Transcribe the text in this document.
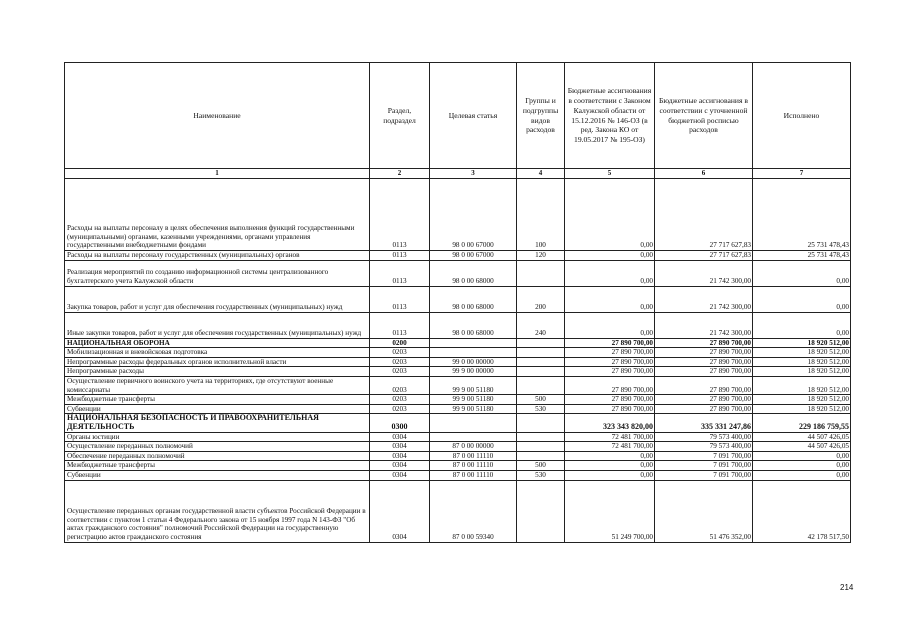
Наименование	Раздел, подраздел	Целевая статья	Группы и подгруппы видов расходов	Бюджетные ассигнования в соответствии с Законом Калужской области от 15.12.2016 № 146-ОЗ (в ред. Закона КО от 19.05.2017 № 195-ОЗ)	Бюджетные ассигнования в соответствии с уточненной бюджетной росписью расходов	Исполнено
1	2	3	4	5	6	7
Расходы на выплаты персоналу в целях обеспечения выполнения функций государственными (муниципальными) органами, казенными учреждениями, органами управления государственными внебюджетными фондами	0113	98 0 00 67000	100	0,00	27 717 627,83	25 731 478,43
Расходы на выплаты персоналу государственных (муниципальных) органов	0113	98 0 00 67000	120	0,00	27 717 627,83	25 731 478,43
Реализация мероприятий по созданию информационной системы централизованного бухгалтерского учета Калужской области	0113	98 0 00 68000		0,00	21 742 300,00	0,00
Закупка товаров, работ и услуг для обеспечения государственных (муниципальных) нужд	0113	98 0 00 68000	200	0,00	21 742 300,00	0,00
Иные закупки товаров, работ и услуг для обеспечения государственных (муниципальных) нужд	0113	98 0 00 68000	240	0,00	21 742 300,00	0,00
НАЦИОНАЛЬНАЯ ОБОРОНА	0200			27 890 700,00	27 890 700,00	18 920 512,00
Мобилизационная и вневойсковая подготовка	0203			27 890 700,00	27 890 700,00	18 920 512,00
Непрограммные расходы федеральных органов исполнительной власти	0203	99 0 00 00000		27 890 700,00	27 890 700,00	18 920 512,00
Непрограммные расходы	0203	99 9 00 00000		27 890 700,00	27 890 700,00	18 920 512,00
Осуществление первичного воинского учета на территориях, где отсутствуют военные комиссариаты	0203	99 9 00 51180		27 890 700,00	27 890 700,00	18 920 512,00
Межбюджетные трансферты	0203	99 9 00 51180	500	27 890 700,00	27 890 700,00	18 920 512,00
Субвенции	0203	99 9 00 51180	530	27 890 700,00	27 890 700,00	18 920 512,00
НАЦИОНАЛЬНАЯ БЕЗОПАСНОСТЬ И ПРАВООХРАНИТЕЛЬНАЯ ДЕЯТЕЛЬНОСТЬ	0300			323 343 820,00	335 331 247,86	229 186 759,55
Органы юстиции	0304			72 481 700,00	79 573 400,00	44 507 426,05
Осуществление переданных полномочий	0304	87 0 00 00000		72 481 700,00	79 573 400,00	44 507 426,05
Обеспечение переданных полномочий	0304	87 0 00 11110		0,00	7 091 700,00	0,00
Межбюджетные трансферты	0304	87 0 00 11110	500	0,00	7 091 700,00	0,00
Субвенции	0304	87 0 00 11110	530	0,00	7 091 700,00	0,00
Осуществление переданных органам государственной власти субъектов Российской Федерации в соответствии с пунктом 1 статьи 4 Федерального закона от 15 ноября 1997 года N 143-ФЗ "Об актах гражданского состояния" полномочий Российской Федерации на государственную регистрацию актов гражданского состояния	0304	87 0 00 59340		51 249 700,00	51 476 352,00	42 178 517,50
214
